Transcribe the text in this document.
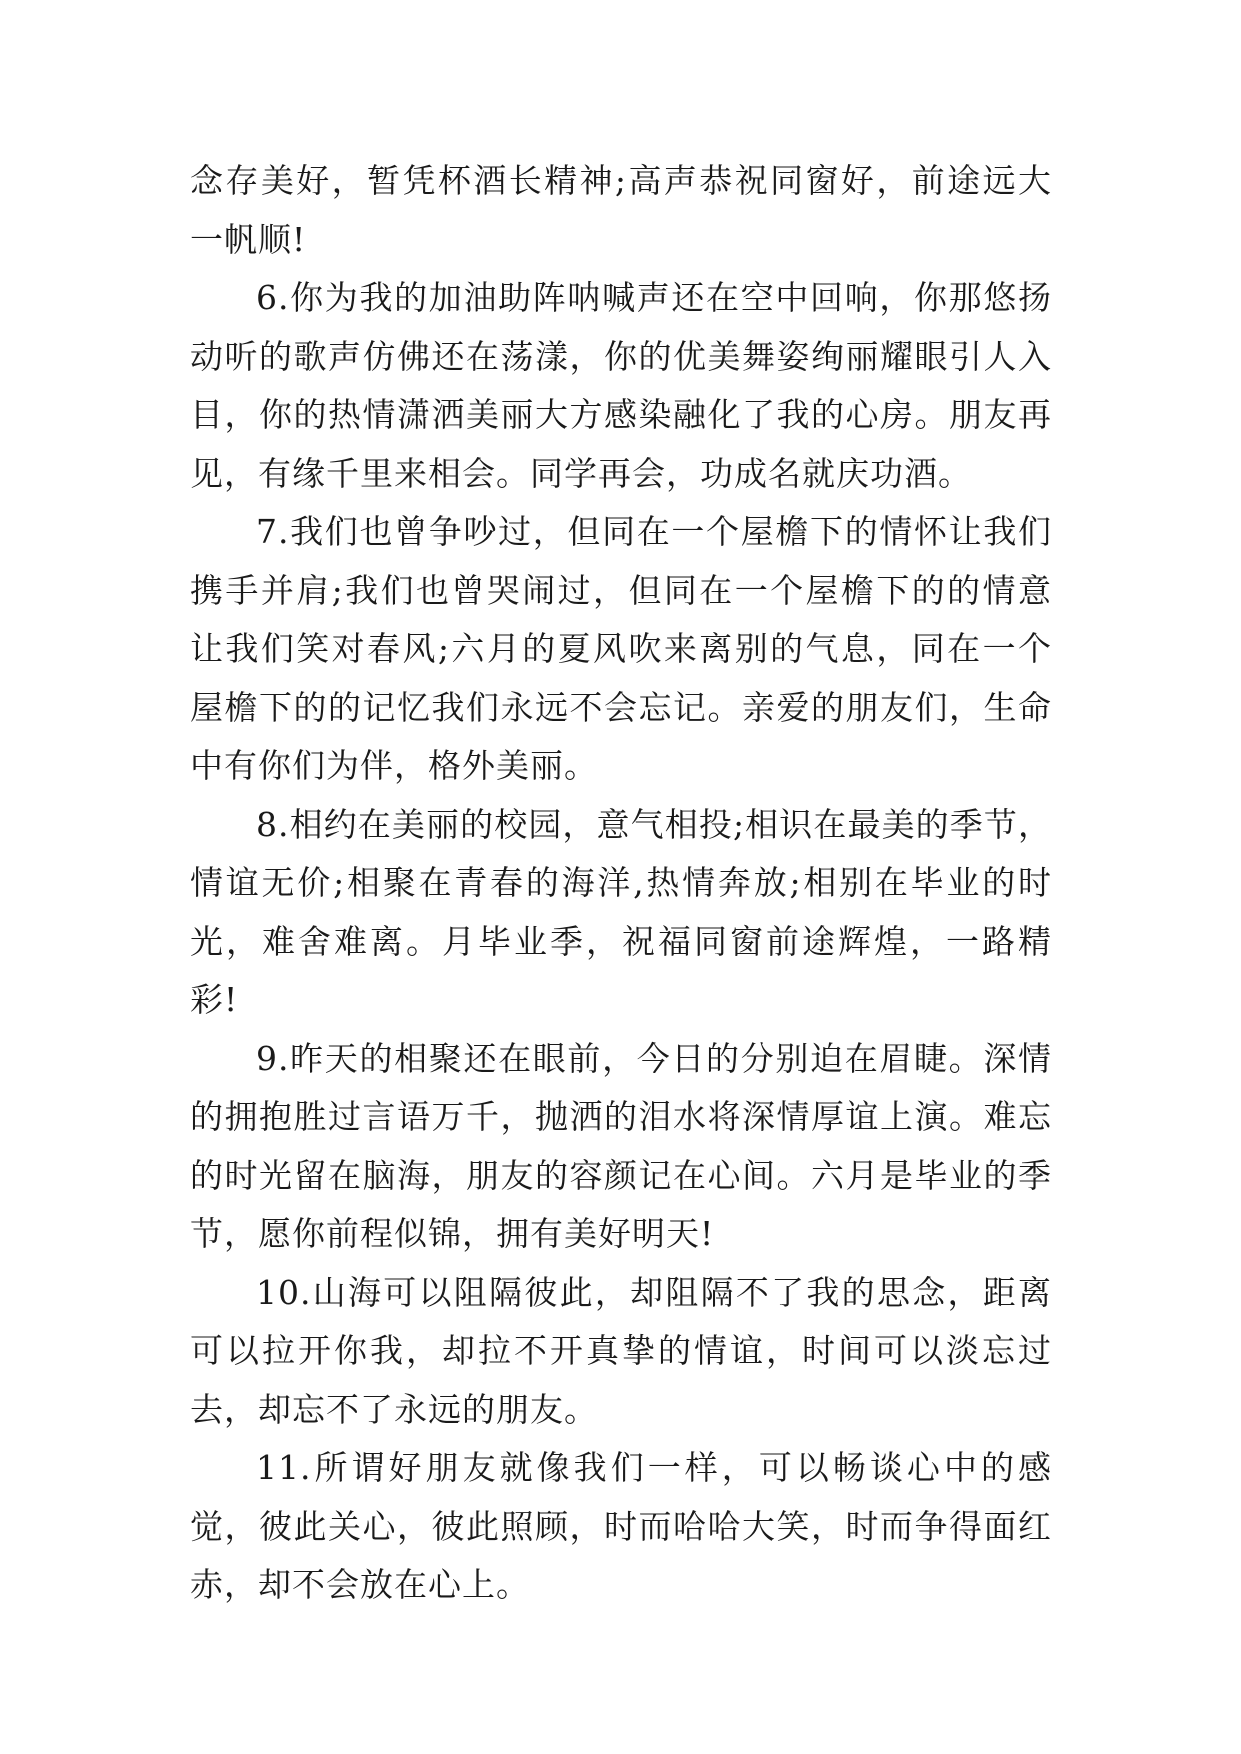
念存美好，暂凭杯酒长精神;高声恭祝同窗好，前途远大一帆顺!

6.你为我的加油助阵呐喊声还在空中回响，你那悠扬动听的歌声仿佛还在荡漾，你的优美舞姿绚丽耀眼引人入目，你的热情潇洒美丽大方感染融化了我的心房。朋友再见，有缘千里来相会。同学再会，功成名就庆功酒。

7.我们也曾争吵过，但同在一个屋檐下的情怀让我们携手并肩;我们也曾哭闹过，但同在一个屋檐下的的情意让我们笑对春风;六月的夏风吹来离别的气息，同在一个屋檐下的的记忆我们永远不会忘记。亲爱的朋友们，生命中有你们为伴，格外美丽。

8.相约在美丽的校园，意气相投;相识在最美的季节，情谊无价;相聚在青春的海洋,热情奔放;相别在毕业的时光，难舍难离。月毕业季，祝福同窗前途辉煌，一路精彩!

9.昨天的相聚还在眼前，今日的分别迫在眉睫。深情的拥抱胜过言语万千，抛洒的泪水将深情厚谊上演。难忘的时光留在脑海，朋友的容颜记在心间。六月是毕业的季节，愿你前程似锦，拥有美好明天!

10.山海可以阻隔彼此，却阻隔不了我的思念，距离可以拉开你我，却拉不开真挚的情谊，时间可以淡忘过去，却忘不了永远的朋友。

11.所谓好朋友就像我们一样，可以畅谈心中的感觉，彼此关心，彼此照顾，时而哈哈大笑，时而争得面红赤，却不会放在心上。
